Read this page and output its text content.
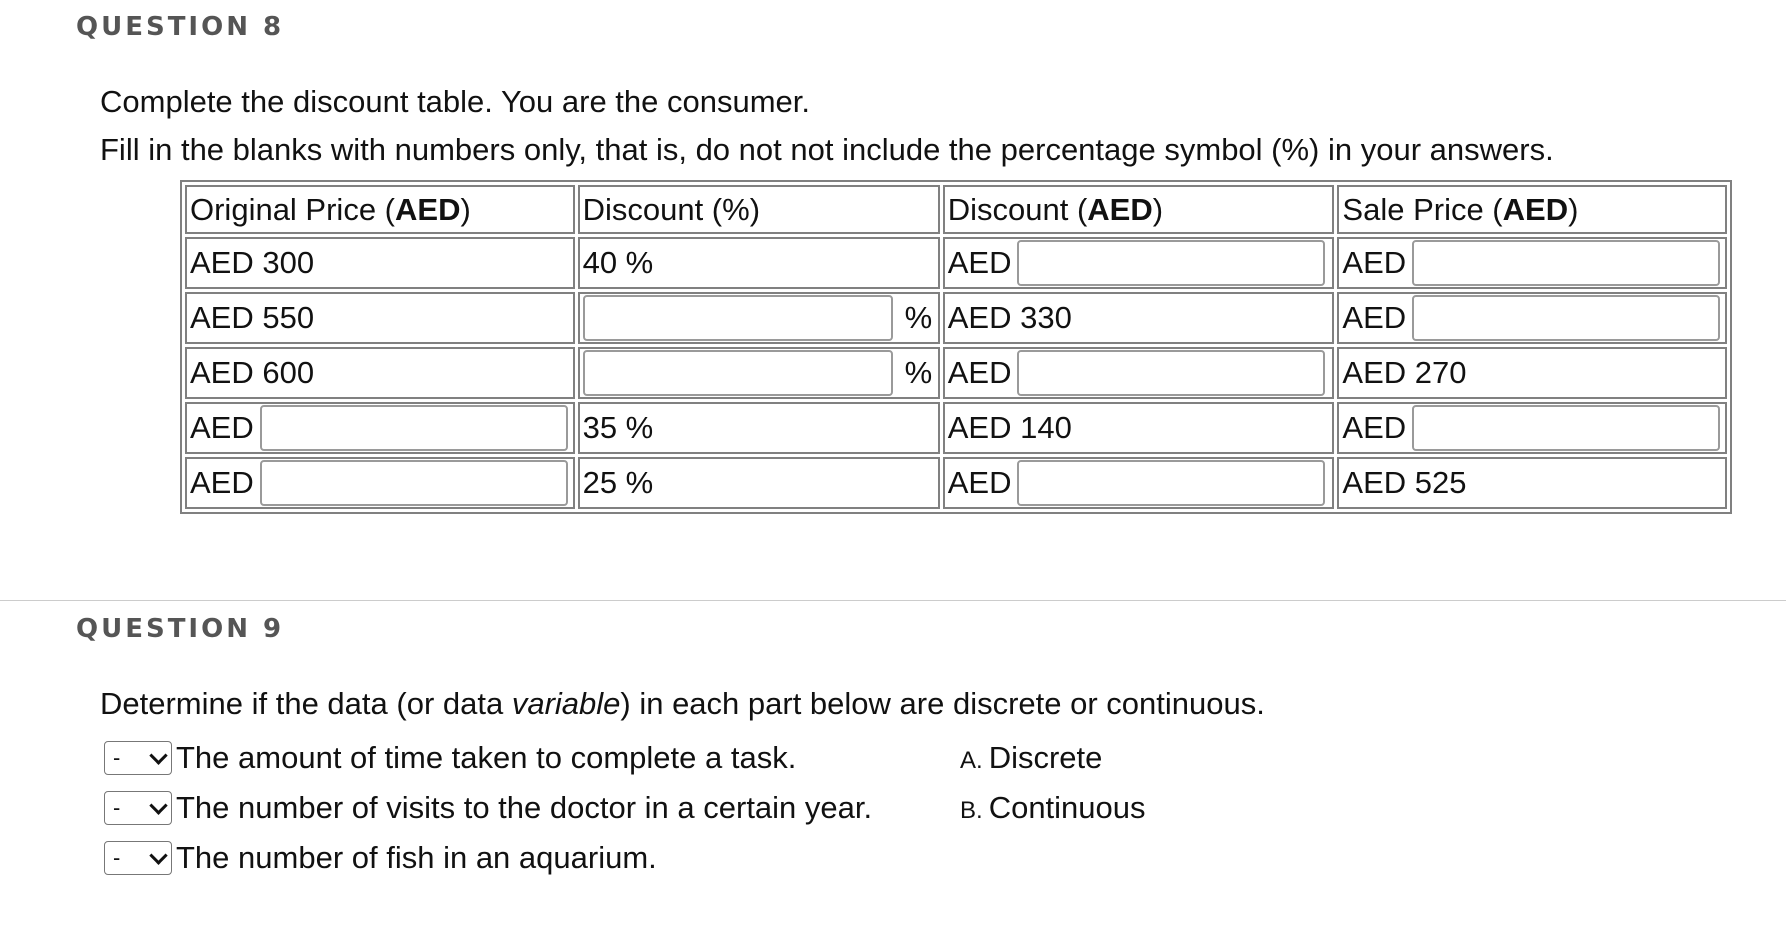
QUESTION 8
Complete the discount table. You are the consumer.
Fill in the blanks with numbers only, that is, do not not include the percentage symbol (%) in your answers.
Original Price (AED)	Discount (%)	Discount (AED)	Sale Price (AED)
AED 300	40 %	AED	AED

AED 550	%	AED 330	AED

AED 600	%	AED	AED 270

AED	35 %	AED 140	AED

AED	25 %	AED	AED 525
QUESTION 9
Determine if the data (or data variable) in each part below are discrete or continuous.
- The amount of time taken to complete a task.
- The number of visits to the doctor in a certain year.
- The number of fish in an aquarium.
A. Discrete
B. Continuous
